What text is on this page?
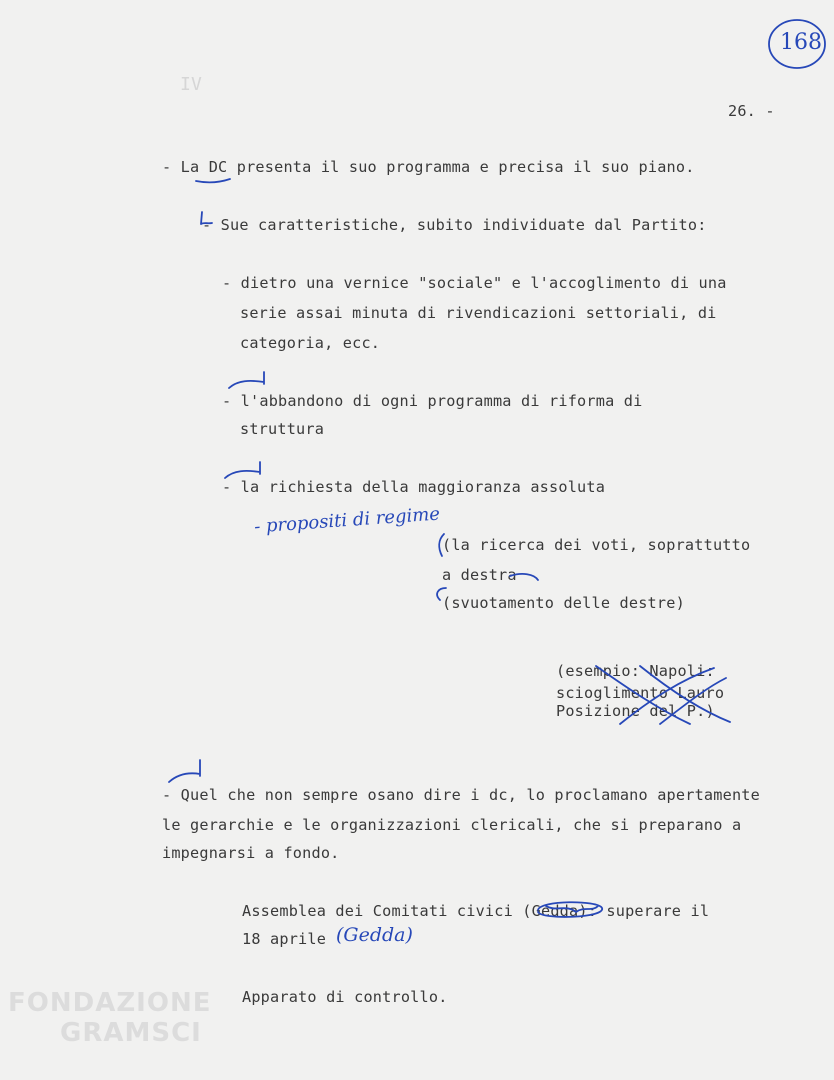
IV
168
26. -
- La DC presenta il suo programma e precisa il suo piano.
- Sue caratteristiche, subito individuate dal Partito:
- dietro una vernice "sociale" e l'accoglimento di una
serie assai minuta di rivendicazioni settoriali, di
categoria, ecc.
- l'abbandono di ogni programma di riforma di
struttura
- la richiesta della maggioranza assoluta
- propositi di regime
(la ricerca dei voti, soprattutto
a destra
(svuotamento delle destre)
(esempio: Napoli:
scioglimento Lauro
Posizione del P.)
- Quel che non sempre osano dire i dc, lo proclamano apertamente
le gerarchie e le organizzazioni clericali, che si preparano a
impegnarsi a fondo.
Assemblea dei Comitati civici (Gedda): superare il
18 aprile (Gedda)
Apparato di controllo.
FONDAZIONE
GRAMSCI
